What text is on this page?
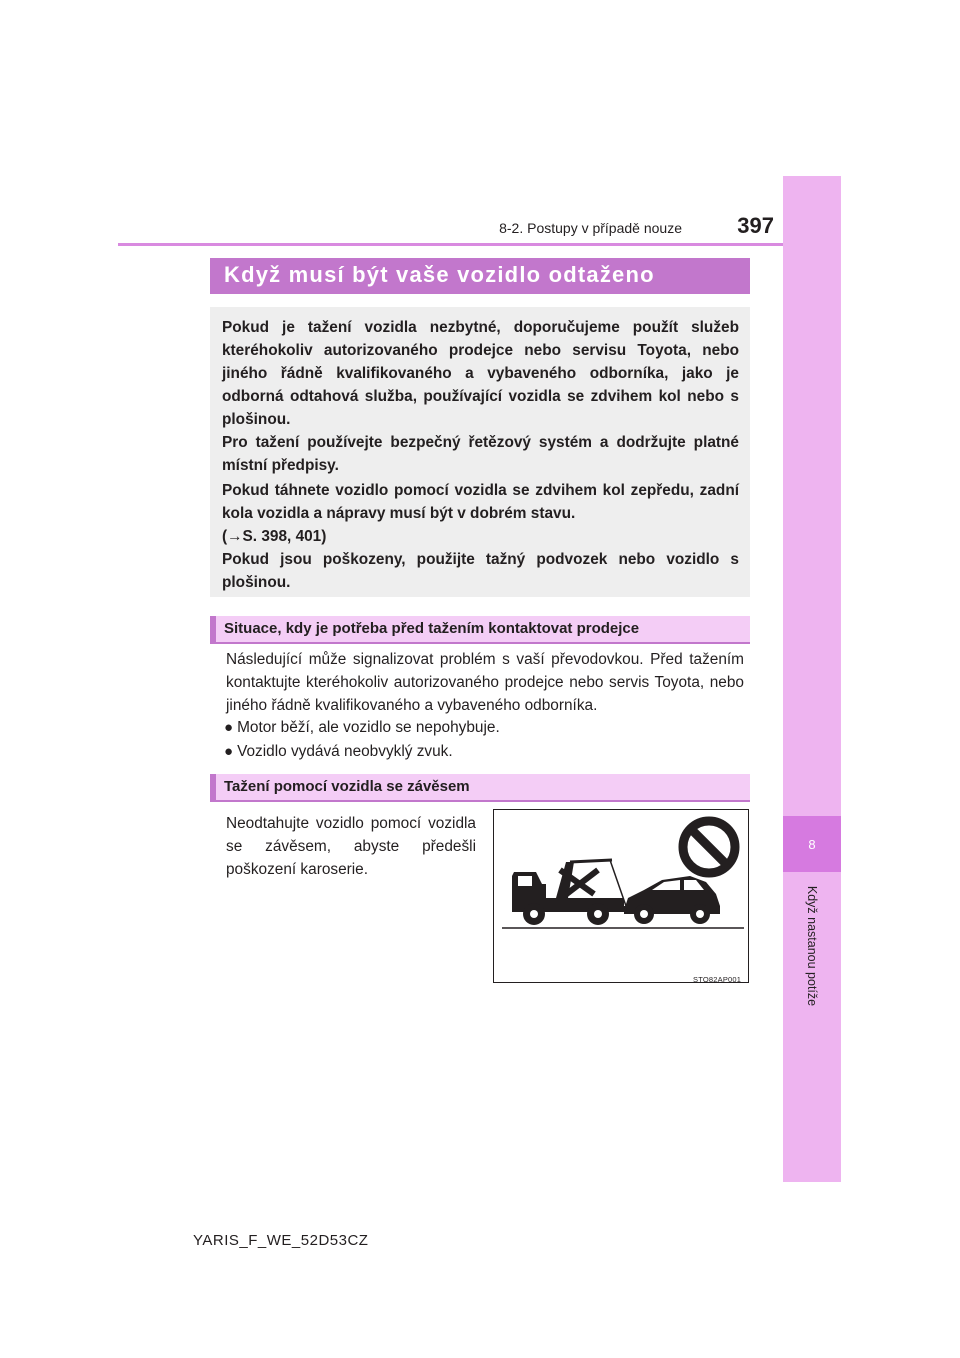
8
Když nastanou potíže
8-2. Postupy v případě nouze	397
Když musí být vaše vozidlo odtaženo

Pokud je tažení vozidla nezbytné, doporučujeme použít služeb kteréhokoliv autorizovaného prodejce nebo servisu Toyota, nebo jiného řádně kvalifikovaného a vybaveného odborníka, jako je odborná odtahová služba, používající vozidla se zdvihem kol nebo s plošinou.

Pro tažení používejte bezpečný řetězový systém a dodržujte platné místní předpisy.

Pokud táhnete vozidlo pomocí vozidla se zdvihem kol zepředu, zadní kola vozidla a nápravy musí být v dobrém stavu.

(→S. 398, 401)

Pokud jsou poškozeny, použijte tažný podvozek nebo vozidlo s plošinou.

Situace, kdy je potřeba před tažením kontaktovat prodejce
Následující může signalizovat problém s vaší převodovkou. Před tažením kontaktujte kteréhokoliv autorizovaného prodejce nebo servis Toyota, nebo jiného řádně kvalifikovaného a vybaveného odborníka.
● Motor běží, ale vozidlo se nepohybuje.
● Vozidlo vydává neobvyklý zvuk.
Tažení pomocí vozidla se závěsem
Neodtahujte vozidlo pomocí vozidla se závěsem, abyste předešli poškození karoserie.
STO82AP001
YARIS_F_WE_52D53CZ
